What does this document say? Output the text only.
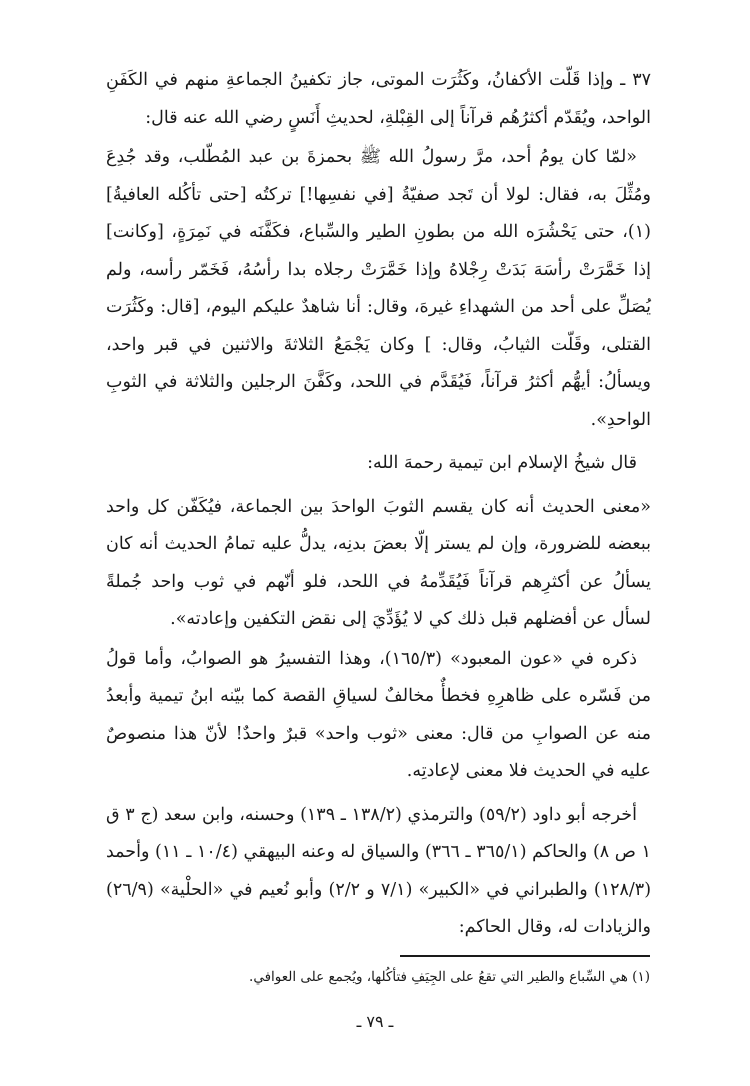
٣٧ ـ وإذا قَلّت الأكفانُ، وكَثُرَت الموتى، جاز تكفينُ الجماعةِ منهم في الكَفَنِ الواحد، ويُقَدّم أكثرُهُم قرآناً إلى القِبْلةِ، لحديثِ أَنَسٍ رضي الله عنه قال:

«لمّا كان يومُ أحد، مرَّ رسولُ الله ﷺ بحمزةَ بن عبد المُطّلب، وقد جُدِعَ ومُثِّلَ به، فقال: لولا أن تَجد صفيّةُ [في نفسِها!] تركتُه [حتى تأكُله العافيةُ](١)، حتى يَحْشُرَه الله من بطونِ الطير والسِّباع، فكَفَّنَه في نَمِرَةٍ، [وكانت] إذا خَمَّرَتْ رأسَهَ بَدَتْ رِجْلاهُ وإذا خَمَّرَتْ رجلاه بدا رأسُهُ، فَخَمّر رأسه، ولم يُصَلِّ على أحد من الشهداءِ غيرهَ، وقال: أنا شاهدٌ عليكم اليوم، [قال: وكَثُرَت القتلى، وقَلّت الثيابُ، وقال: ] وكان يَجْمَعُ الثلاثةَ والاثنين في قبر واحد، ويسألُ: أيهُّم أكثرُ قرآناً، فَيُقَدَّم في اللحد، وكَفَّنَ الرجلين والثلاثة في الثوبِ الواحدِ».

قال شيخُ الإسلام ابن تيمية رحمهَ الله:

«معنى الحديث أنه كان يقسم الثوبَ الواحدَ بين الجماعة، فيُكَفّن كل واحد ببعضه للضرورة، وإن لم يستر إلّا بعضَ بدنِه، يدلُّ عليه تمامُ الحديث أنه كان يسألُ عن أكثرِهم قرآناً فَيُقَدِّمهُ في اللحد، فلو أنّهم في ثوب واحد جُملةً لسأل عن أفضلهم قبل ذلك كي لا يُؤَدِّيَ إلى نقض التكفين وإعادته».

ذكره في «عون المعبود» (١٦٥/٣)، وهذا التفسيرُ هو الصوابُ، وأما قولُ من فَسّره على ظاهرِهِ فخطأٌ مخالفٌ لسياقِ القصة كما بيّنه ابنُ تيمية وأبعدُ منه عن الصوابِ من قال: معنى «ثوب واحد» قبرٌ واحدٌ! لأنّ هذا منصوصٌ عليه في الحديث فلا معنى لإعادتِه.

أخرجه أبو داود (٥٩/٢) والترمذي (١٣٨/٢ ـ ١٣٩) وحسنه، وابن سعد (ج ٣ ق ١ ص ٨) والحاكم (٣٦٥/١ ـ ٣٦٦) والسياق له وعنه البيهقي (١٠/٤ ـ ١١) وأحمد (١٢٨/٣) والطبراني في «الكبير» (٧/١ و ٢/٢) وأبو نُعيم في «الحلْية» (٢٦/٩) والزيادات له، وقال الحاكم:

(١) هي السِّباع والطير التي تقعُ على الجِيَفِ فتأكُلها، ويُجمع على العوافي.
ـ ٧٩ ـ
